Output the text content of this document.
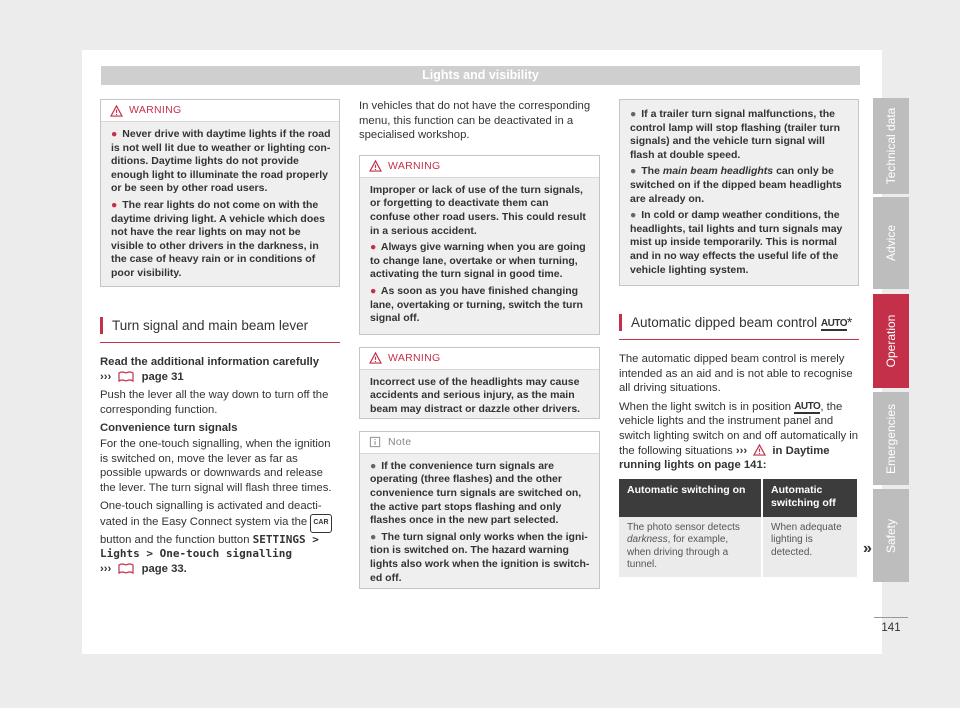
Lights and visibility
WARNING

● Never drive with daytime lights if the road is not well lit due to weather or lighting conditions. Daytime lights do not provide enough light to illuminate the road properly or be seen by other road users.

● The rear lights do not come on with the daytime driving light. A vehicle which does not have the rear lights on may not be visible to other drivers in the darkness, in the case of heavy rain or in conditions of poor visibility.

Turn signal and main beam lever

Read the additional information carefully
›››	page 31

Push the lever all the way down to turn off the corresponding function.

Convenience turn signals

For the one-touch signalling, when the ignition is switched on, move the lever as far as possible upwards or downwards and release the lever. The turn signal will flash three times.

One-touch signalling is activated and deactivated in the Easy Connect system via the CAR button and the function button SETTINGS > Lights > One-touch signalling
›››	page 33.

In vehicles that do not have the corresponding menu, this function can be deactivated in a specialised workshop.

WARNING

Improper or lack of use of the turn signals, or forgetting to deactivate them can confuse other road users. This could result in a serious accident.

● Always give warning when you are going to change lane, overtake or when turning, activating the turn signal in good time.

● As soon as you have finished changing lane, overtaking or turning, switch the turn signal off.

WARNING

Incorrect use of the headlights may cause accidents and serious injury, as the main beam may distract or dazzle other drivers.

Note

● If the convenience turn signals are operating (three flashes) and the other convenience turn signals are switched on, the active part stops flashing and only flashes once in the new part selected.

● The turn signal only works when the ignition is switched on. The hazard warning lights also work when the ignition is switched off.

● If a trailer turn signal malfunctions, the control lamp will stop flashing (trailer turn signals) and the vehicle turn signal will flash at double speed.

● The main beam headlights can only be switched on if the dipped beam headlights are already on.

● In cold or damp weather conditions, the headlights, tail lights and turn signals may mist up inside temporarily. This is normal and in no way effects the useful life of the vehicle lighting system.

Automatic dipped beam control AUTO*

The automatic dipped beam control is merely intended as an aid and is not able to recognise all driving situations.

When the light switch is in position AUTO, the vehicle lights and the instrument panel and switch lighting switch on and off automatically in the following situations ››› in Daytime running lights on page 141:

Automatic switching on	Automatic switching off
The photo sensor detects darkness, for example, when driving through a tunnel.	When adequate lighting is detected.	»
Technical data
Advice
Operation
Emergencies
Safety
141
